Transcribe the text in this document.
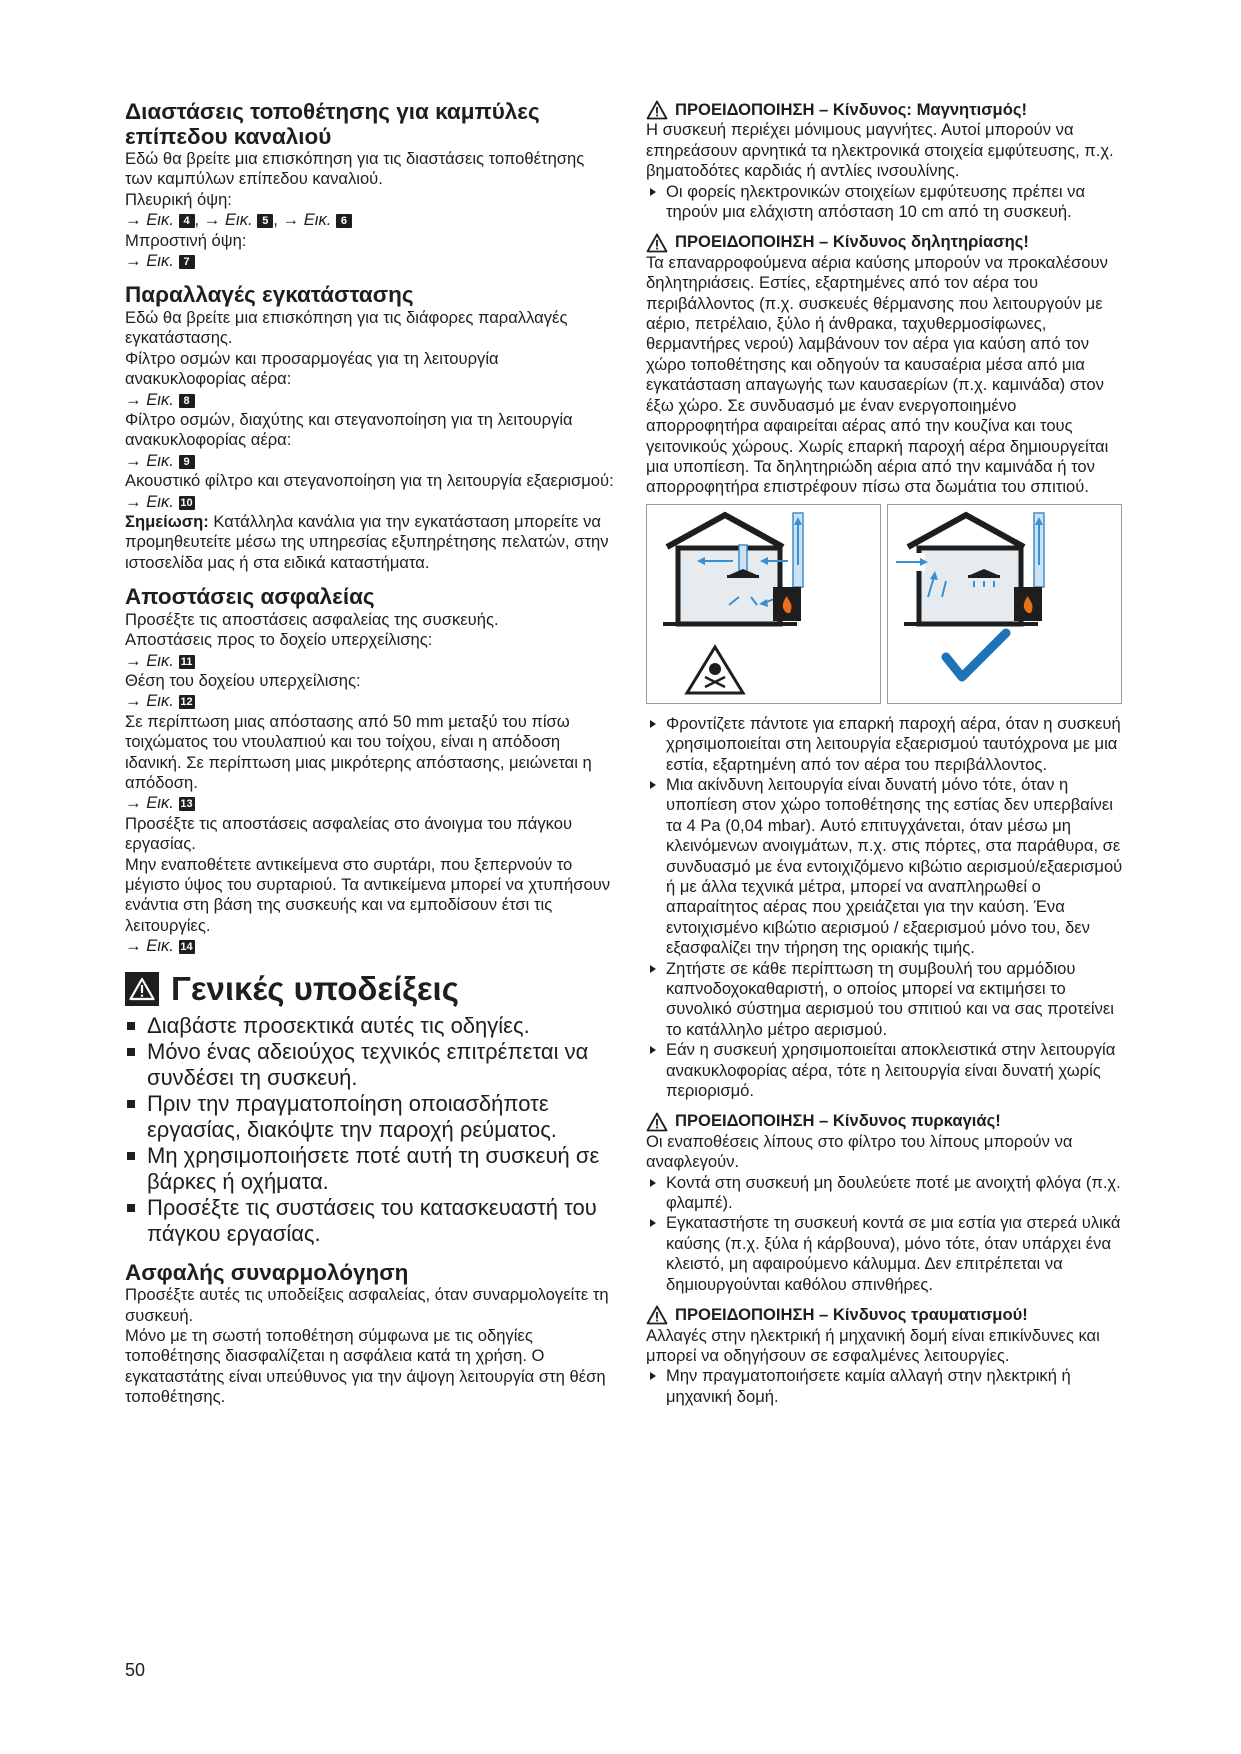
Διαστάσεις τοποθέτησης για καμπύλες επίπεδου καναλιού

Εδώ θα βρείτε μια επισκόπηση για τις διαστάσεις τοποθέτησης των καμπύλων επίπεδου καναλιού.

Πλευρική όψη:

→ Εικ. 4 , → Εικ. 5 , → Εικ. 6

Μπροστινή όψη:

→ Εικ. 7

Παραλλαγές εγκατάστασης

Εδώ θα βρείτε μια επισκόπηση για τις διάφορες παραλλαγές εγκατάστασης.

Φίλτρο οσμών και προσαρμογέας για τη λειτουργία ανακυκλοφορίας αέρα:

→ Εικ. 8

Φίλτρο οσμών, διαχύτης και στεγανοποίηση για τη λειτουργία ανακυκλοφορίας αέρα:

→ Εικ. 9

Ακουστικό φίλτρο και στεγανοποίηση για τη λειτουργία εξαερισμού:

→ Εικ. 10

Σημείωση: Κατάλληλα κανάλια για την εγκατάσταση μπορείτε να προμηθευτείτε μέσω της υπηρεσίας εξυπηρέτησης πελατών, στην ιστοσελίδα μας ή στα ειδικά καταστήματα.

Αποστάσεις ασφαλείας

Προσέξτε τις αποστάσεις ασφαλείας της συσκευής.

Αποστάσεις προς το δοχείο υπερχείλισης:

→ Εικ. 11

Θέση του δοχείου υπερχείλισης:

→ Εικ. 12

Σε περίπτωση μιας απόστασης από 50 mm μεταξύ του πίσω τοιχώματος του ντουλαπιού και του τοίχου, είναι η απόδοση ιδανική. Σε περίπτωση μιας μικρότερης απόστασης, μειώνεται η απόδοση.

→ Εικ. 13

Προσέξτε τις αποστάσεις ασφαλείας στο άνοιγμα του πάγκου εργασίας.

Μην εναποθέτετε αντικείμενα στο συρτάρι, που ξεπερνούν το μέγιστο ύψος του συρταριού. Τα αντικείμενα μπορεί να χτυπήσουν ενάντια στη βάση της συσκευής και να εμποδίσουν έτσι τις λειτουργίες.

→ Εικ. 14

Γενικές υποδείξεις
Διαβάστε προσεκτικά αυτές τις οδηγίες.
Μόνο ένας αδειούχος τεχνικός επιτρέπεται να συνδέσει τη συσκευή.
Πριν την πραγματοποίηση οποιασδήποτε εργασίας, διακόψτε την παροχή ρεύματος.
Μη χρησιμοποιήσετε ποτέ αυτή τη συσκευή σε βάρκες ή οχήματα.
Προσέξτε τις συστάσεις του κατασκευαστή του πάγκου εργασίας.
Ασφαλής συναρμολόγηση

Προσέξτε αυτές τις υποδείξεις ασφαλείας, όταν συναρμολογείτε τη συσκευή.

Μόνο με τη σωστή τοποθέτηση σύμφωνα με τις οδηγίες τοποθέτησης διασφαλίζεται η ασφάλεια κατά τη χρήση. Ο εγκαταστάτης είναι υπεύθυνος για την άψογη λειτουργία στη θέση τοποθέτησης.

ΠΡΟΕΙΔΟΠΟΙΗΣΗ – Κίνδυνος: Μαγνητισμός!

Η συσκευή περιέχει μόνιμους μαγνήτες. Αυτοί μπορούν να επηρεάσουν αρνητικά τα ηλεκτρονικά στοιχεία εμφύτευσης, π.χ. βηματοδότες καρδιάς ή αντλίες ινσουλίνης.

Οι φορείς ηλεκτρονικών στοιχείων εμφύτευσης πρέπει να τηρούν μια ελάχιστη απόσταση 10 cm από τη συσκευή.
ΠΡΟΕΙΔΟΠΟΙΗΣΗ – Κίνδυνος δηλητηρίασης!

Τα επαναρροφούμενα αέρια καύσης μπορούν να προκαλέσουν δηλητηριάσεις. Εστίες, εξαρτημένες από τον αέρα του περιβάλλοντος (π.χ. συσκευές θέρμανσης που λειτουργούν με αέριο, πετρέλαιο, ξύλο ή άνθρακα, ταχυθερμοσίφωνες, θερμαντήρες νερού) λαμβάνουν τον αέρα για καύση από τον χώρο τοποθέτησης και οδηγούν τα καυσαέρια μέσα από μια εγκατάσταση απαγωγής των καυσαερίων (π.χ. καμινάδα) στον έξω χώρο. Σε συνδυασμό με έναν ενεργοποιημένο απορροφητήρα αφαιρείται αέρας από την κουζίνα και τους γειτονικούς χώρους. Χωρίς επαρκή παροχή αέρα δημιουργείται μια υποπίεση. Τα δηλητηριώδη αέρια από την καμινάδα ή τον απορροφητήρα επιστρέφουν πίσω στα δωμάτια του σπιτιού.

Φροντίζετε πάντοτε για επαρκή παροχή αέρα, όταν η συσκευή χρησιμοποιείται στη λειτουργία εξαερισμού ταυτόχρονα με μια εστία, εξαρτημένη από τον αέρα του περιβάλλοντος.
Μια ακίνδυνη λειτουργία είναι δυνατή μόνο τότε, όταν η υποπίεση στον χώρο τοποθέτησης της εστίας δεν υπερβαίνει τα 4 Pa (0,04 mbar). Αυτό επιτυγχάνεται, όταν μέσω μη κλεινόμενων ανοιγμάτων, π.χ. στις πόρτες, στα παράθυρα, σε συνδυασμό με ένα εντοιχιζόμενο κιβώτιο αερισμού/εξαερισμού ή με άλλα τεχνικά μέτρα, μπορεί να αναπληρωθεί ο απαραίτητος αέρας που χρειάζεται για την καύση. Ένα εντοιχισμένο κιβώτιο αερισμού / εξαερισμού μόνο του, δεν εξασφαλίζει την τήρηση της οριακής τιμής.
Ζητήστε σε κάθε περίπτωση τη συμβουλή του αρμόδιου καπνοδοχοκαθαριστή, ο οποίος μπορεί να εκτιμήσει το συνολικό σύστημα αερισμού του σπιτιού και να σας προτείνει το κατάλληλο μέτρο αερισμού.
Εάν η συσκευή χρησιμοποιείται αποκλειστικά στην λειτουργία ανακυκλοφορίας αέρα, τότε η λειτουργία είναι δυνατή χωρίς περιορισμό.
ΠΡΟΕΙΔΟΠΟΙΗΣΗ – Κίνδυνος πυρκαγιάς!

Οι εναποθέσεις λίπους στο φίλτρο του λίπους μπορούν να αναφλεγούν.

Κοντά στη συσκευή μη δουλεύετε ποτέ με ανοιχτή φλόγα (π.χ. φλαμπέ).
Εγκαταστήστε τη συσκευή κοντά σε μια εστία για στερεά υλικά καύσης (π.χ. ξύλα ή κάρβουνα), μόνο τότε, όταν υπάρχει ένα κλειστό, μη αφαιρούμενο κάλυμμα. Δεν επιτρέπεται να δημιουργούνται καθόλου σπινθήρες.
ΠΡΟΕΙΔΟΠΟΙΗΣΗ – Κίνδυνος τραυματισμού!

Αλλαγές στην ηλεκτρική ή μηχανική δομή είναι επικίνδυνες και μπορεί να οδηγήσουν σε εσφαλμένες λειτουργίες.

Μην πραγματοποιήσετε καμία αλλαγή στην ηλεκτρική ή μηχανική δομή.
50
